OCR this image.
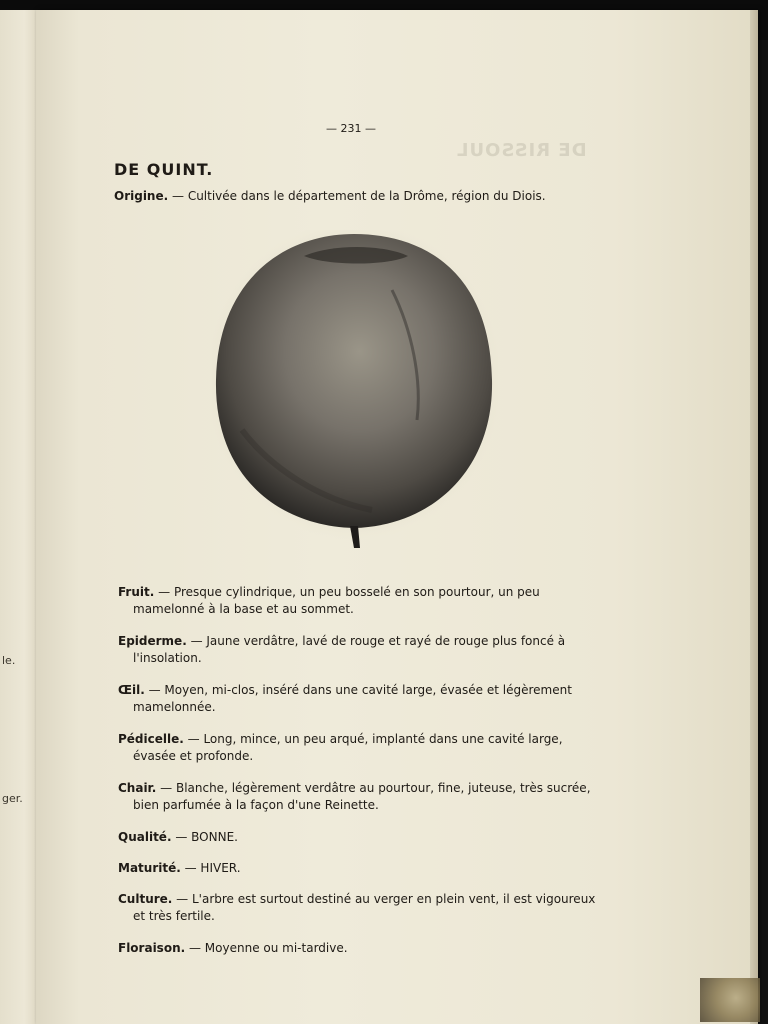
le.
ger.
DE RISSOUL
— 231 —
DE QUINT.
Origine. — Cultivée dans le département de la Drôme, région du Diois.
Fruit. — Presque cylindrique, un peu bosselé en son pourtour, un peu mamelonné à la base et au sommet.
Epiderme. — Jaune verdâtre, lavé de rouge et rayé de rouge plus foncé à l'insolation.
Œil. — Moyen, mi-clos, inséré dans une cavité large, évasée et légèrement mamelonnée.
Pédicelle. — Long, mince, un peu arqué, implanté dans une cavité large, évasée et profonde.
Chair. — Blanche, légèrement verdâtre au pourtour, fine, juteuse, très sucrée, bien parfumée à la façon d'une Reinette.
Qualité. — BONNE.
Maturité. — HIVER.
Culture. — L'arbre est surtout destiné au verger en plein vent, il est vigoureux et très fertile.
Floraison. — Moyenne ou mi-tardive.
